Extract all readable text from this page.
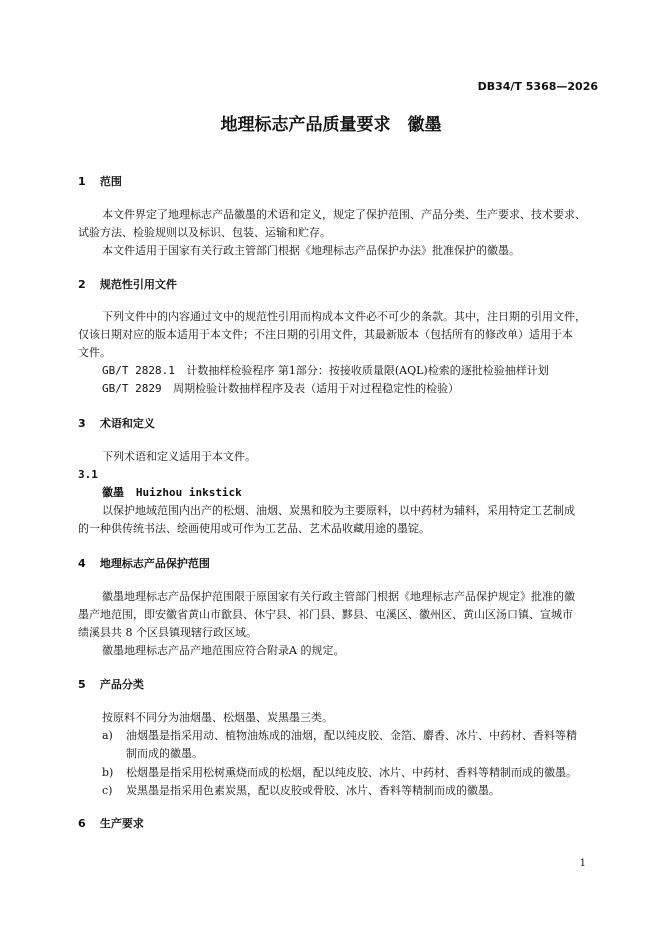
DB34/T 5368—2026
地理标志产品质量要求　徽墨
1 范围
本文件界定了地理标志产品徽墨的术语和定义，规定了保护范围、产品分类、生产要求、技术要求、
试验方法、检验规则以及标识、包装、运输和贮存。
本文件适用于国家有关行政主管部门根据《地理标志产品保护办法》批准保护的徽墨。
2 规范性引用文件
下列文件中的内容通过文中的规范性引用而构成本文件必不可少的条款。其中，注日期的引用文件，
仅该日期对应的版本适用于本文件；不注日期的引用文件，其最新版本（包括所有的修改单）适用于本
文件。
GB/T 2828.1 计数抽样检验程序 第1部分：按接收质量限(AQL)检索的逐批检验抽样计划
GB/T 2829 周期检验计数抽样程序及表（适用于对过程稳定性的检验）
3 术语和定义
下列术语和定义适用于本文件。
3.1
徽墨 Huizhou inkstick
以保护地域范围内出产的松烟、油烟、炭黑和胶为主要原料，以中药材为辅料，采用特定工艺制成
的一种供传统书法、绘画使用或可作为工艺品、艺术品收藏用途的墨锭。
4 地理标志产品保护范围
徽墨地理标志产品保护范围限于原国家有关行政主管部门根据《地理标志产品保护规定》批准的徽
墨产地范围，即安徽省黄山市歙县、休宁县、祁门县、黟县、屯溪区、徽州区、黄山区汤口镇、宣城市
绩溪县共 8 个区县镇现辖行政区域。
徽墨地理标志产品产地范围应符合附录A 的规定。
5 产品分类
按原料不同分为油烟墨、松烟墨、炭黑墨三类。
a) 油烟墨是指采用动、植物油炼成的油烟，配以纯皮胶、金箔、麝香、冰片、中药材、香料等精
制而成的徽墨。
b) 松烟墨是指采用松树熏烧而成的松烟，配以纯皮胶、冰片、中药材、香料等精制而成的徽墨。
c) 炭黑墨是指采用色素炭黑，配以皮胶或骨胶、冰片、香料等精制而成的徽墨。
6 生产要求
1
